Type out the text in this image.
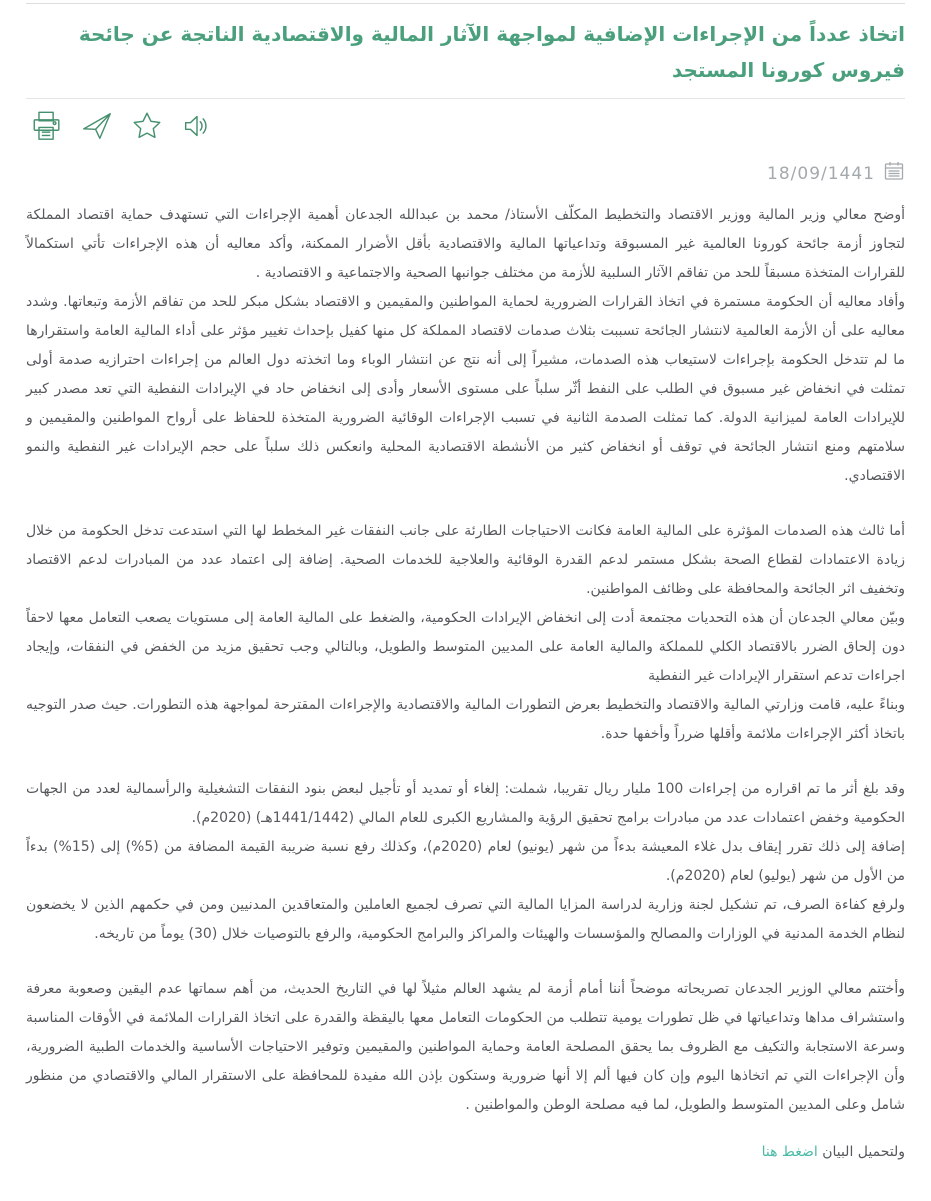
اتخاذ عدداً من الإجراءات الإضافية لمواجهة الآثار المالية والاقتصادية الناتجة عن جائحة فيروس كورونا المستجد
18/09/1441

أوضح معالي وزير المالية ووزير الاقتصاد والتخطيط المكلّف الأستاذ/ محمد بن عبدالله الجدعان أهمية الإجراءات التي تستهدف حماية اقتصاد المملكة لتجاوز أزمة جائحة كورونا العالمية غير المسبوقة وتداعياتها المالية والاقتصادية بأقل الأضرار الممكنة، وأكد معاليه أن هذه الإجراءات تأتي استكمالاً للقرارات المتخذة مسبقاً للحد من تفاقم الآثار السلبية للأزمة من مختلف جوانبها الصحية والاجتماعية و الاقتصادية .

وأفاد معاليه أن الحكومة مستمرة في اتخاذ القرارات الضرورية لحماية المواطنين والمقيمين و الاقتصاد بشكل مبكر للحد من تفاقم الأزمة وتبعاتها. وشدد معاليه على أن الأزمة العالمية لانتشار الجائحة تسببت بثلاث صدمات لاقتصاد المملكة كل منها كفيل بإحداث تغيير مؤثر على أداء المالية العامة واستقرارها ما لم تتدخل الحكومة بإجراءات لاستيعاب هذه الصدمات، مشيراً إلى أنه نتج عن انتشار الوباء وما اتخذته دول العالم من إجراءات احترازيه صدمة أولى تمثلت في انخفاض غير مسبوق في الطلب على النفط أثّر سلباً على مستوى الأسعار وأدى إلى انخفاض حاد في الإيرادات النفطية التي تعد مصدر كبير للإيرادات العامة لميزانية الدولة. كما تمثلت الصدمة الثانية في تسبب الإجراءات الوقائية الضرورية المتخذة للحفاظ على أرواح المواطنين والمقيمين و سلامتهم ومنع انتشار الجائحة في توقف أو انخفاض كثير من الأنشطة الاقتصادية المحلية وانعكس ذلك سلباً على حجم الإيرادات غير النفطية والنمو الاقتصادي.

أما ثالث هذه الصدمات المؤثرة على المالية العامة فكانت الاحتياجات الطارئة على جانب النفقات غير المخطط لها التي استدعت تدخل الحكومة من خلال زيادة الاعتمادات لقطاع الصحة بشكل مستمر لدعم القدرة الوقائية والعلاجية للخدمات الصحية. إضافة إلى اعتماد عدد من المبادرات لدعم الاقتصاد وتخفيف اثر الجائحة والمحافظة على وظائف المواطنين.

وبيّن معالي الجدعان أن هذه التحديات مجتمعة أدت إلى انخفاض الإيرادات الحكومية، والضغط على المالية العامة إلى مستويات يصعب التعامل معها لاحقاً دون إلحاق الضرر بالاقتصاد الكلي للمملكة والمالية العامة على المديين المتوسط والطويل، وبالتالي وجب تحقيق مزيد من الخفض في النفقات، وإيجاد اجراءات تدعم استقرار الإيرادات غير النفطية

وبناءً عليه، قامت وزارتي المالية والاقتصاد والتخطيط بعرض التطورات المالية والاقتصادية والإجراءات المقترحة لمواجهة هذه التطورات. حيث صدر التوجيه باتخاذ أكثر الإجراءات ملائمة وأقلها ضرراً وأخفها حدة.

وقد بلغ أثر ما تم اقراره من إجراءات 100 مليار ريال تقريبا، شملت: إلغاء أو تمديد أو تأجيل لبعض بنود النفقات التشغيلية والرأسمالية لعدد من الجهات الحكومية وخفض اعتمادات عدد من مبادرات برامج تحقيق الرؤية والمشاريع الكبرى للعام المالي (1441/1442هـ) (2020م).

إضافة إلى ذلك تقرر إيقاف بدل غلاء المعيشة بدءاً من شهر (يونيو) لعام (2020م)، وكذلك رفع نسبة ضريبة القيمة المضافة من (5%) إلى (15%) بدءاً من الأول من شهر (يوليو) لعام (2020م).

ولرفع كفاءة الصرف، تم تشكيل لجنة وزارية لدراسة المزايا المالية التي تصرف لجميع العاملين والمتعاقدين المدنيين ومن في حكمهم الذين لا يخضعون لنظام الخدمة المدنية في الوزارات والمصالح والمؤسسات والهيئات والمراكز والبرامج الحكومية، والرفع بالتوصيات خلال (30) يوماً من تاريخه.

وأختتم معالي الوزير الجدعان تصريحاته موضحاً أننا أمام أزمة لم يشهد العالم مثيلاً لها في التاريخ الحديث، من أهم سماتها عدم اليقين وصعوبة معرفة واستشراف مداها وتداعياتها في ظل تطورات يومية تتطلب من الحكومات التعامل معها باليقظة والقدرة على اتخاذ القرارات الملائمة في الأوقات المناسبة وسرعة الاستجابة والتكيف مع الظروف بما يحقق المصلحة العامة وحماية المواطنين والمقيمين وتوفير الاحتياجات الأساسية والخدمات الطبية الضرورية، وأن الإجراءات التي تم اتخاذها اليوم وإن كان فيها ألم إلا أنها ضرورية وستكون بإذن الله مفيدة للمحافظة على الاستقرار المالي والاقتصادي من منظور شامل وعلى المديين المتوسط والطويل، لما فيه مصلحة الوطن والمواطنين .

ولتحميل البيان اضغط هنا
